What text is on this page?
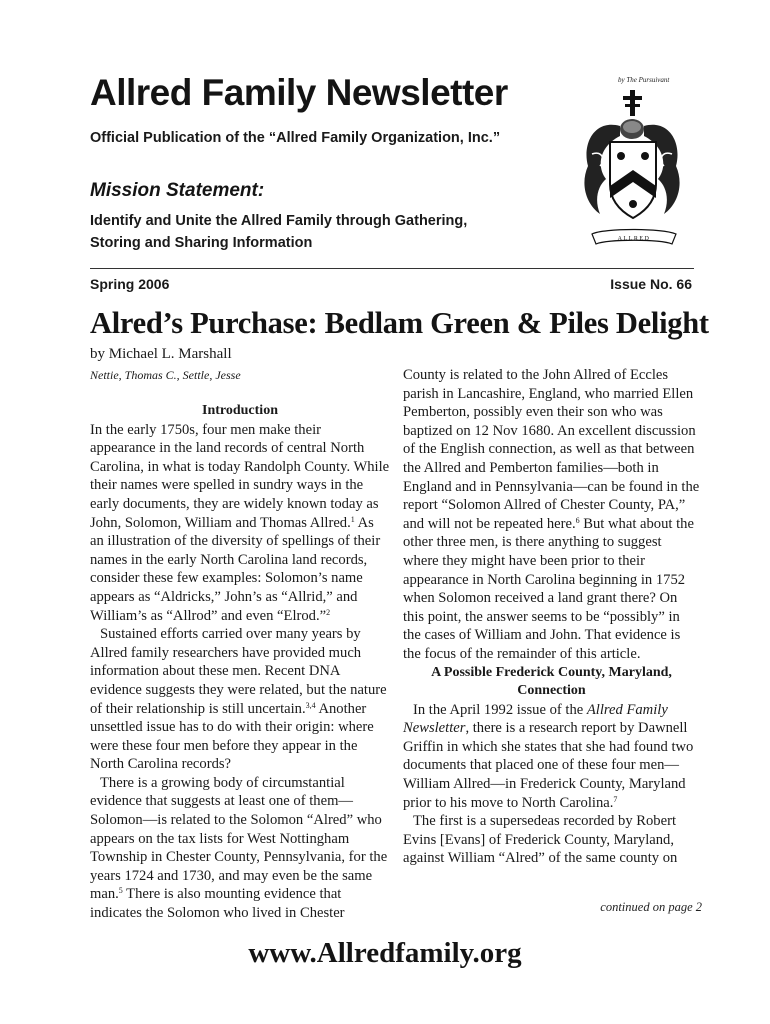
Allred Family Newsletter
Official Publication of the “Allred Family Organization, Inc.”
Mission Statement:
Identify and Unite the Allred Family through Gathering,
Storing and Sharing Information
by The Pursuivant
ALLRED
Spring 2006	Issue No. 66
Alred’s Purchase: Bedlam Green & Piles Delight
by Michael L. Marshall

Nettie, Thomas C., Settle, Jesse

Introduction

In the early 1750s, four men make their appearance in the land records of central North Carolina, in what is today Randolph County. While their names were spelled in sundry ways in the early documents, they are widely known today as John, Solomon, William and Thomas Allred.$^1$ As an illustration of the diversity of spellings of their names in the early North Carolina land records, consider these few examples: Solomon’s name appears as “Aldricks,” John’s as “Allrid,” and William’s as “Allrod” and even “Elrod.”$^2$

Sustained efforts carried over many years by Allred family researchers have provided much information about these men. Recent DNA evidence suggests they were related, but the nature of their relationship is still uncertain.$^{3,4}$ Another unsettled issue has to do with their origin: where were these four men before they appear in the North Carolina records?

There is a growing body of circumstantial evidence that suggests at least one of them—Solomon—is related to the Solomon “Alred” who appears on the tax lists for West Nottingham Township in Chester County, Pennsylvania, for the years 1724 and 1730, and may even be the same man.$^5$ There is also mounting evidence that indicates the Solomon who lived in Chester

County is related to the John Allred of Eccles parish in Lancashire, England, who married Ellen Pemberton, possibly even their son who was baptized on 12 Nov 1680. An excellent discussion of the English connection, as well as that between the Allred and Pemberton families—both in England and in Pennsylvania—can be found in the report “Solomon Allred of Chester County, PA,” and will not be repeated here.$^6$ But what about the other three men, is there anything to suggest where they might have been prior to their appearance in North Carolina beginning in 1752 when Solomon received a land grant there? On this point, the answer seems to be “possibly” in the cases of William and John. That evidence is the focus of the remainder of this article.

A Possible Frederick County, Maryland,
Connection

In the April 1992 issue of the Allred Family Newsletter, there is a research report by Dawnell Griffin in which she states that she had found two documents that placed one of these four men—William Allred—in Frederick County, Maryland prior to his move to North Carolina.$^7$

The first is a supersedeas recorded by Robert Evins [Evans] of Frederick County, Maryland, against William “Alred” of the same county on

continued on page 2
www.Allredfamily.org
